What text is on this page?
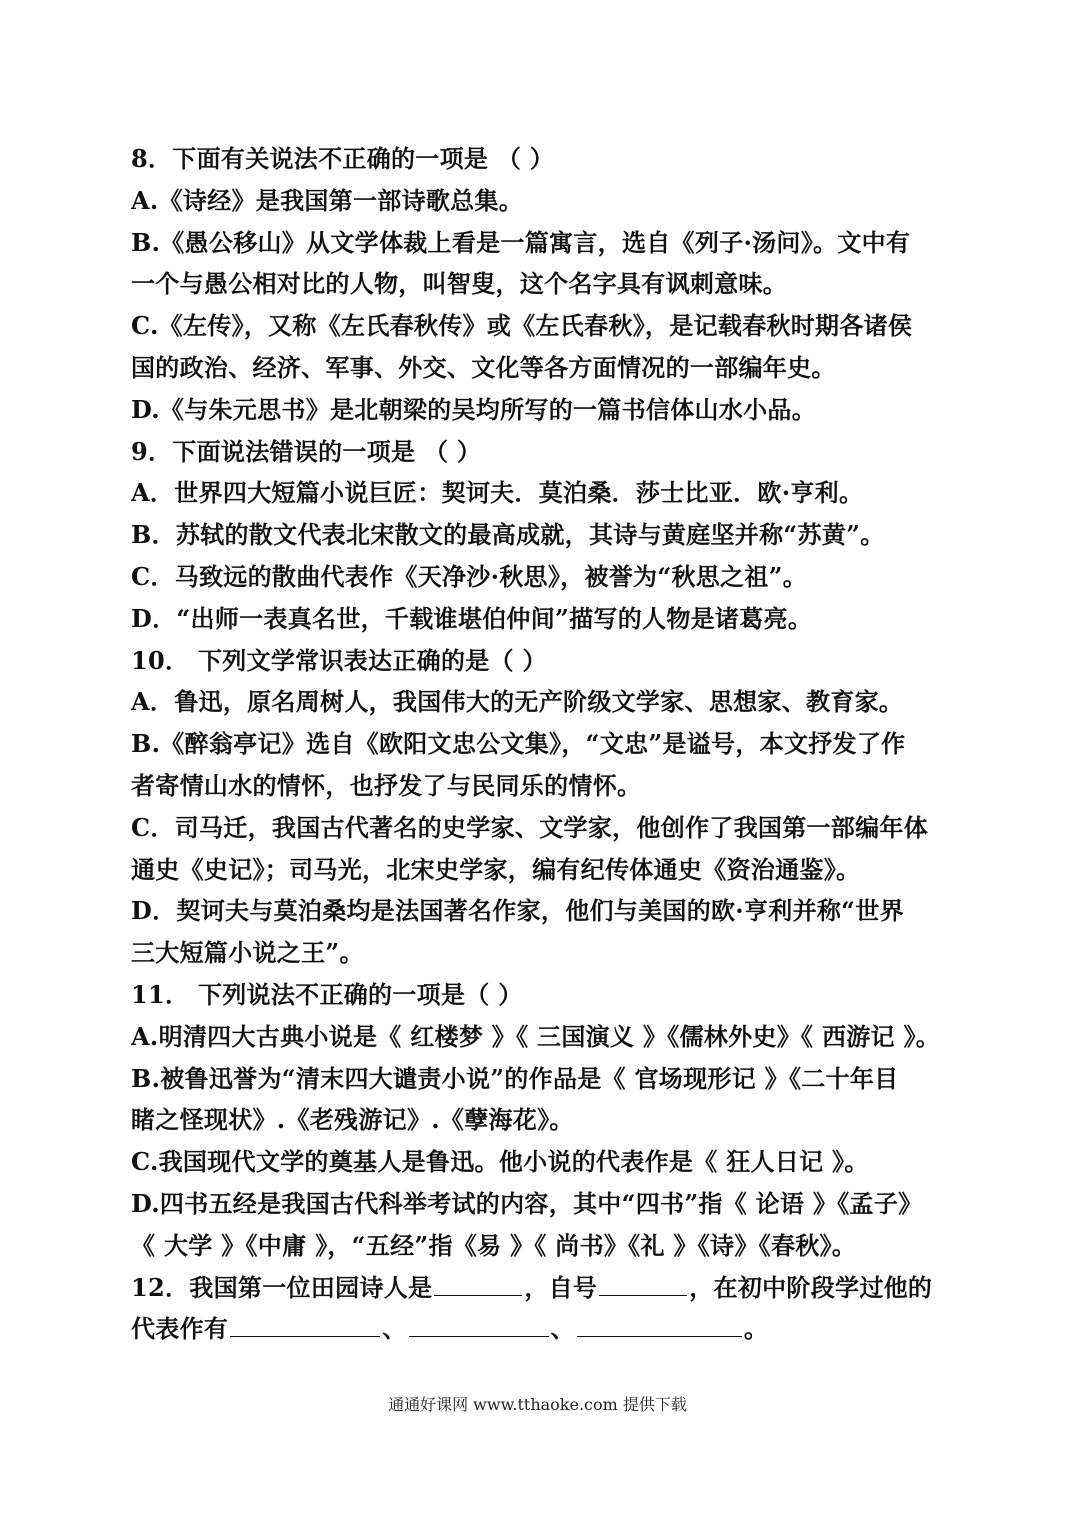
8．下面有关说法不正确的一项是 （ ）
A.《诗经》是我国第一部诗歌总集。
B.《愚公移山》从文学体裁上看是一篇寓言，选自《列子·汤问》。文中有
一个与愚公相对比的人物，叫智叟，这个名字具有讽刺意味。
C.《左传》，又称《左氏春秋传》或《左氏春秋》，是记载春秋时期各诸侯
国的政治、经济、军事、外交、文化等各方面情况的一部编年史。
D.《与朱元思书》是北朝梁的吴均所写的一篇书信体山水小品。
9．下面说法错误的一项是 （ ）
A．世界四大短篇小说巨匠：契诃夫．莫泊桑．莎士比亚．欧·亨利。
B．苏轼的散文代表北宋散文的最高成就，其诗与黄庭坚并称“苏黄”。
C．马致远的散曲代表作《天净沙·秋思》，被誉为“秋思之祖”。
D．“出师一表真名世，千载谁堪伯仲间”描写的人物是诸葛亮。
10． 下列文学常识表达正确的是（ ）
A．鲁迅，原名周树人，我国伟大的无产阶级文学家、思想家、教育家。
B.《醉翁亭记》选自《欧阳文忠公文集》，“文忠”是谥号，本文抒发了作
者寄情山水的情怀，也抒发了与民同乐的情怀。
C．司马迁，我国古代著名的史学家、文学家，他创作了我国第一部编年体
通史《史记》；司马光，北宋史学家，编有纪传体通史《资治通鉴》。
D．契诃夫与莫泊桑均是法国著名作家，他们与美国的欧·亨利并称“世界
三大短篇小说之王”。
11． 下列说法不正确的一项是（ ）
A.明清四大古典小说是《 红楼梦 》《 三国演义 》《儒林外史》《 西游记 》。
B.被鲁迅誉为“清末四大谴责小说”的作品是《 官场现形记 》《二十年目
睹之怪现状》.《老残游记》.《孽海花》。
C.我国现代文学的奠基人是鲁迅。他小说的代表作是《 狂人日记 》。
D.四书五经是我国古代科举考试的内容，其中“四书”指《 论语 》《孟子》
《 大学 》《中庸 》，“五经”指《易 》《 尚书》《礼 》《诗》《春秋》。
12．我国第一位田园诗人是	，自号	，在初中阶段学过他的
代表作有	、	、	。
通通好课网 www.tthaoke.com 提供下载
